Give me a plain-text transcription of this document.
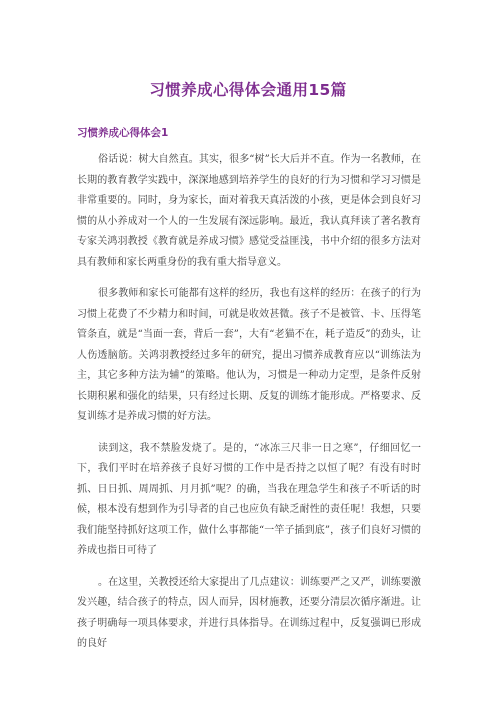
习惯养成心得体会通用15篇
习惯养成心得体会1

俗话说：树大自然直。其实，很多“树”长大后并不直。作为一名教师，在长期的教育教学实践中，深深地感到培养学生的良好的行为习惯和学习习惯是非常重要的。同时，身为家长，面对着我天真活泼的小孩，更是体会到良好习惯的从小养成对一个人的一生发展有深远影响。最近，我认真拜读了著名教育专家关鸿羽教授《教育就是养成习惯》感觉受益匪浅，书中介绍的很多方法对具有教师和家长两重身份的我有重大指导意义。

很多教师和家长可能都有这样的经历，我也有这样的经历：在孩子的行为习惯上花费了不少精力和时间，可就是收效甚微。孩子不是被管、卡、压得笔管条直，就是“当面一套，背后一套”，大有“老猫不在，耗子造反”的劲头，让人伤透脑筋。关鸿羽教授经过多年的研究，提出习惯养成教育应以“训练法为主，其它多种方法为辅”的策略。他认为，习惯是一种动力定型，是条件反射长期积累和强化的结果，只有经过长期、反复的训练才能形成。严格要求、反复训练才是养成习惯的好方法。

读到这，我不禁脸发烧了。是的，“冰冻三尺非一日之寒”，仔细回忆一下，我们平时在培养孩子良好习惯的工作中是否持之以恒了呢？有没有时时抓、日日抓、周周抓、月月抓”呢？的确，当我在理急学生和孩子不听话的时候，根本没有想到作为引导者的自己也应负有缺乏耐性的责任呢！我想，只要我们能坚持抓好这项工作，做什么事都能“一竿子插到底”，孩子们良好习惯的养成也指日可待了

。在这里，关教授还给大家提出了几点建议：训练要严之又严，训练要激发兴趣，结合孩子的特点，因人而异，因材施教，还要分清层次循序渐进。让孩子明确每一项具体要求，并进行具体指导。在训练过程中，反复强调已形成的良好
